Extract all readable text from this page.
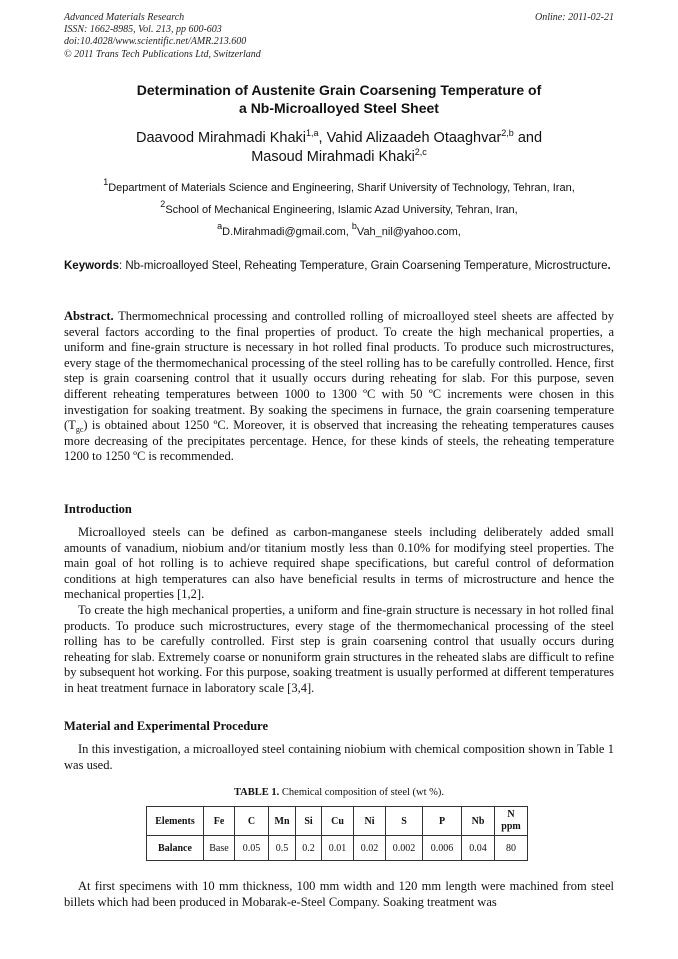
Advanced Materials Research
ISSN: 1662-8985, Vol. 213, pp 600-603
doi:10.4028/www.scientific.net/AMR.213.600
© 2011 Trans Tech Publications Ltd, Switzerland
Online: 2011-02-21
Determination of Austenite Grain Coarsening Temperature of
a Nb-Microalloyed Steel Sheet
Daavood Mirahmadi Khaki$^{1,a}$, Vahid Alizaadeh Otaaghvar$^{2,b}$ and
Masoud Mirahmadi Khaki$^{2,c}$
$^1$Department of Materials Science and Engineering, Sharif University of Technology, Tehran, Iran,
$^2$School of Mechanical Engineering, Islamic Azad University, Tehran, Iran,
$^a$D.Mirahmadi@gmail.com, $^b$Vah_nil@yahoo.com,
Keywords: Nb-microalloyed Steel, Reheating Temperature, Grain Coarsening Temperature, Microstructure.
Abstract. Thermomechnical processing and controlled rolling of microalloyed steel sheets are affected by several factors according to the final properties of product. To create the high mechanical properties, a uniform and fine-grain structure is necessary in hot rolled final products. To produce such microstructures, every stage of the thermomechanical processing of the steel rolling has to be carefully controlled. Hence, first step is grain coarsening control that it usually occurs during reheating for slab. For this purpose, seven different reheating temperatures between 1000 to 1300 ºC with 50 ºC increments were chosen in this investigation for soaking treatment. By soaking the specimens in furnace, the grain coarsening temperature $(T_{gc})$ is obtained about 1250 ºC. Moreover, it is observed that increasing the reheating temperatures causes more decreasing of the precipitates percentage. Hence, for these kinds of steels, the reheating temperature 1200 to 1250 ºC is recommended.
Introduction

Microalloyed steels can be defined as carbon-manganese steels including deliberately added small amounts of vanadium, niobium and/or titanium mostly less than 0.10% for modifying steel properties. The main goal of hot rolling is to achieve required shape specifications, but careful control of deformation conditions at high temperatures can also have beneficial results in terms of microstructure and hence the mechanical properties [1,2].

To create the high mechanical properties, a uniform and fine-grain structure is necessary in hot rolled final products. To produce such microstructures, every stage of the thermomechanical processing of the steel rolling has to be carefully controlled. First step is grain coarsening control that usually occurs during reheating for slab. Extremely coarse or nonuniform grain structures in the reheated slabs are difficult to refine by subsequent hot working. For this purpose, soaking treatment is usually performed at different temperatures in heat treatment furnace in laboratory scale [3,4].

Material and Experimental Procedure

In this investigation, a microalloyed steel containing niobium with chemical composition shown in Table 1 was used.

TABLE 1. Chemical composition of steel (wt %).
Elements	Fe	C	Mn	Si	Cu	Ni	S	P	Nb	N
ppm

Balance	Base	0.05	0.5	0.2	0.01	0.02	0.002	0.006	0.04	80

At first specimens with 10 mm thickness, 100 mm width and 120 mm length were machined from steel billets which had been produced in Mobarak-e-Steel Company. Soaking treatment was
